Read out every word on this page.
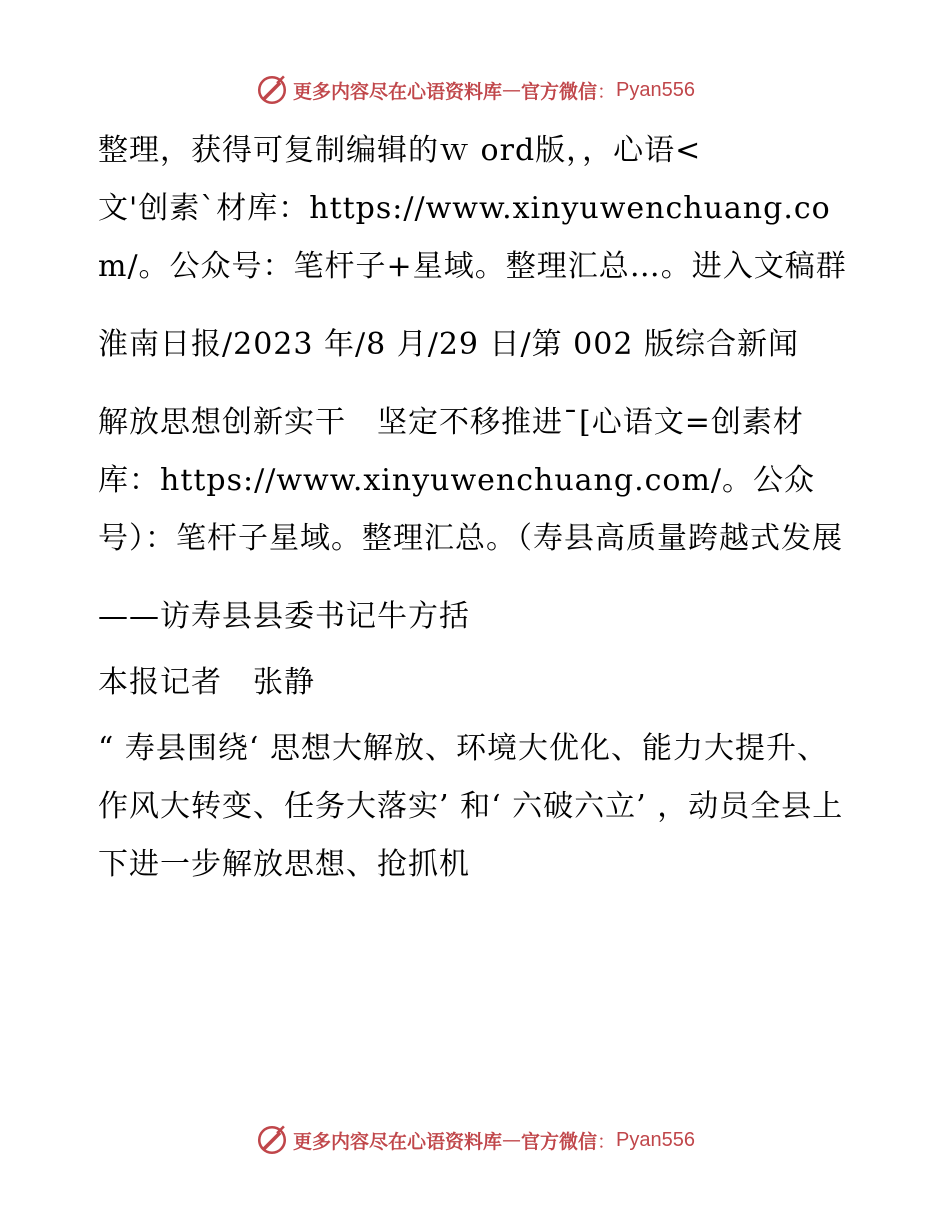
更多内容尽在心语资料库 — 官方微信 ： Pyan556

整理，获得可复制编辑的ｗ ord版，，心语<
文'创素`材库：https://www.xinyuwenchuang.com/。公众号：笔杆子+星域。整理汇总…。进入文稿群

淮南日报/2023 年/8 月/29 日/第 002 版综合新闻

解放思想创新实干　坚定不移推进¯[心语文=创素材库：https://www.xinyuwenchuang.com/。公众号）：笔杆子星域。整理汇总。（寿县高质量跨越式发展

——访寿县县委书记牛方括

本报记者　张静

“ 寿县围绕‘ 思想大解放、环境大优化、能力大提升、作风大转变、任务大落实’ 和‘ 六破六立’ ，动员全县上下进一步解放思想、抢抓机

更多内容尽在心语资料库 — 官方微信 ： Pyan556
